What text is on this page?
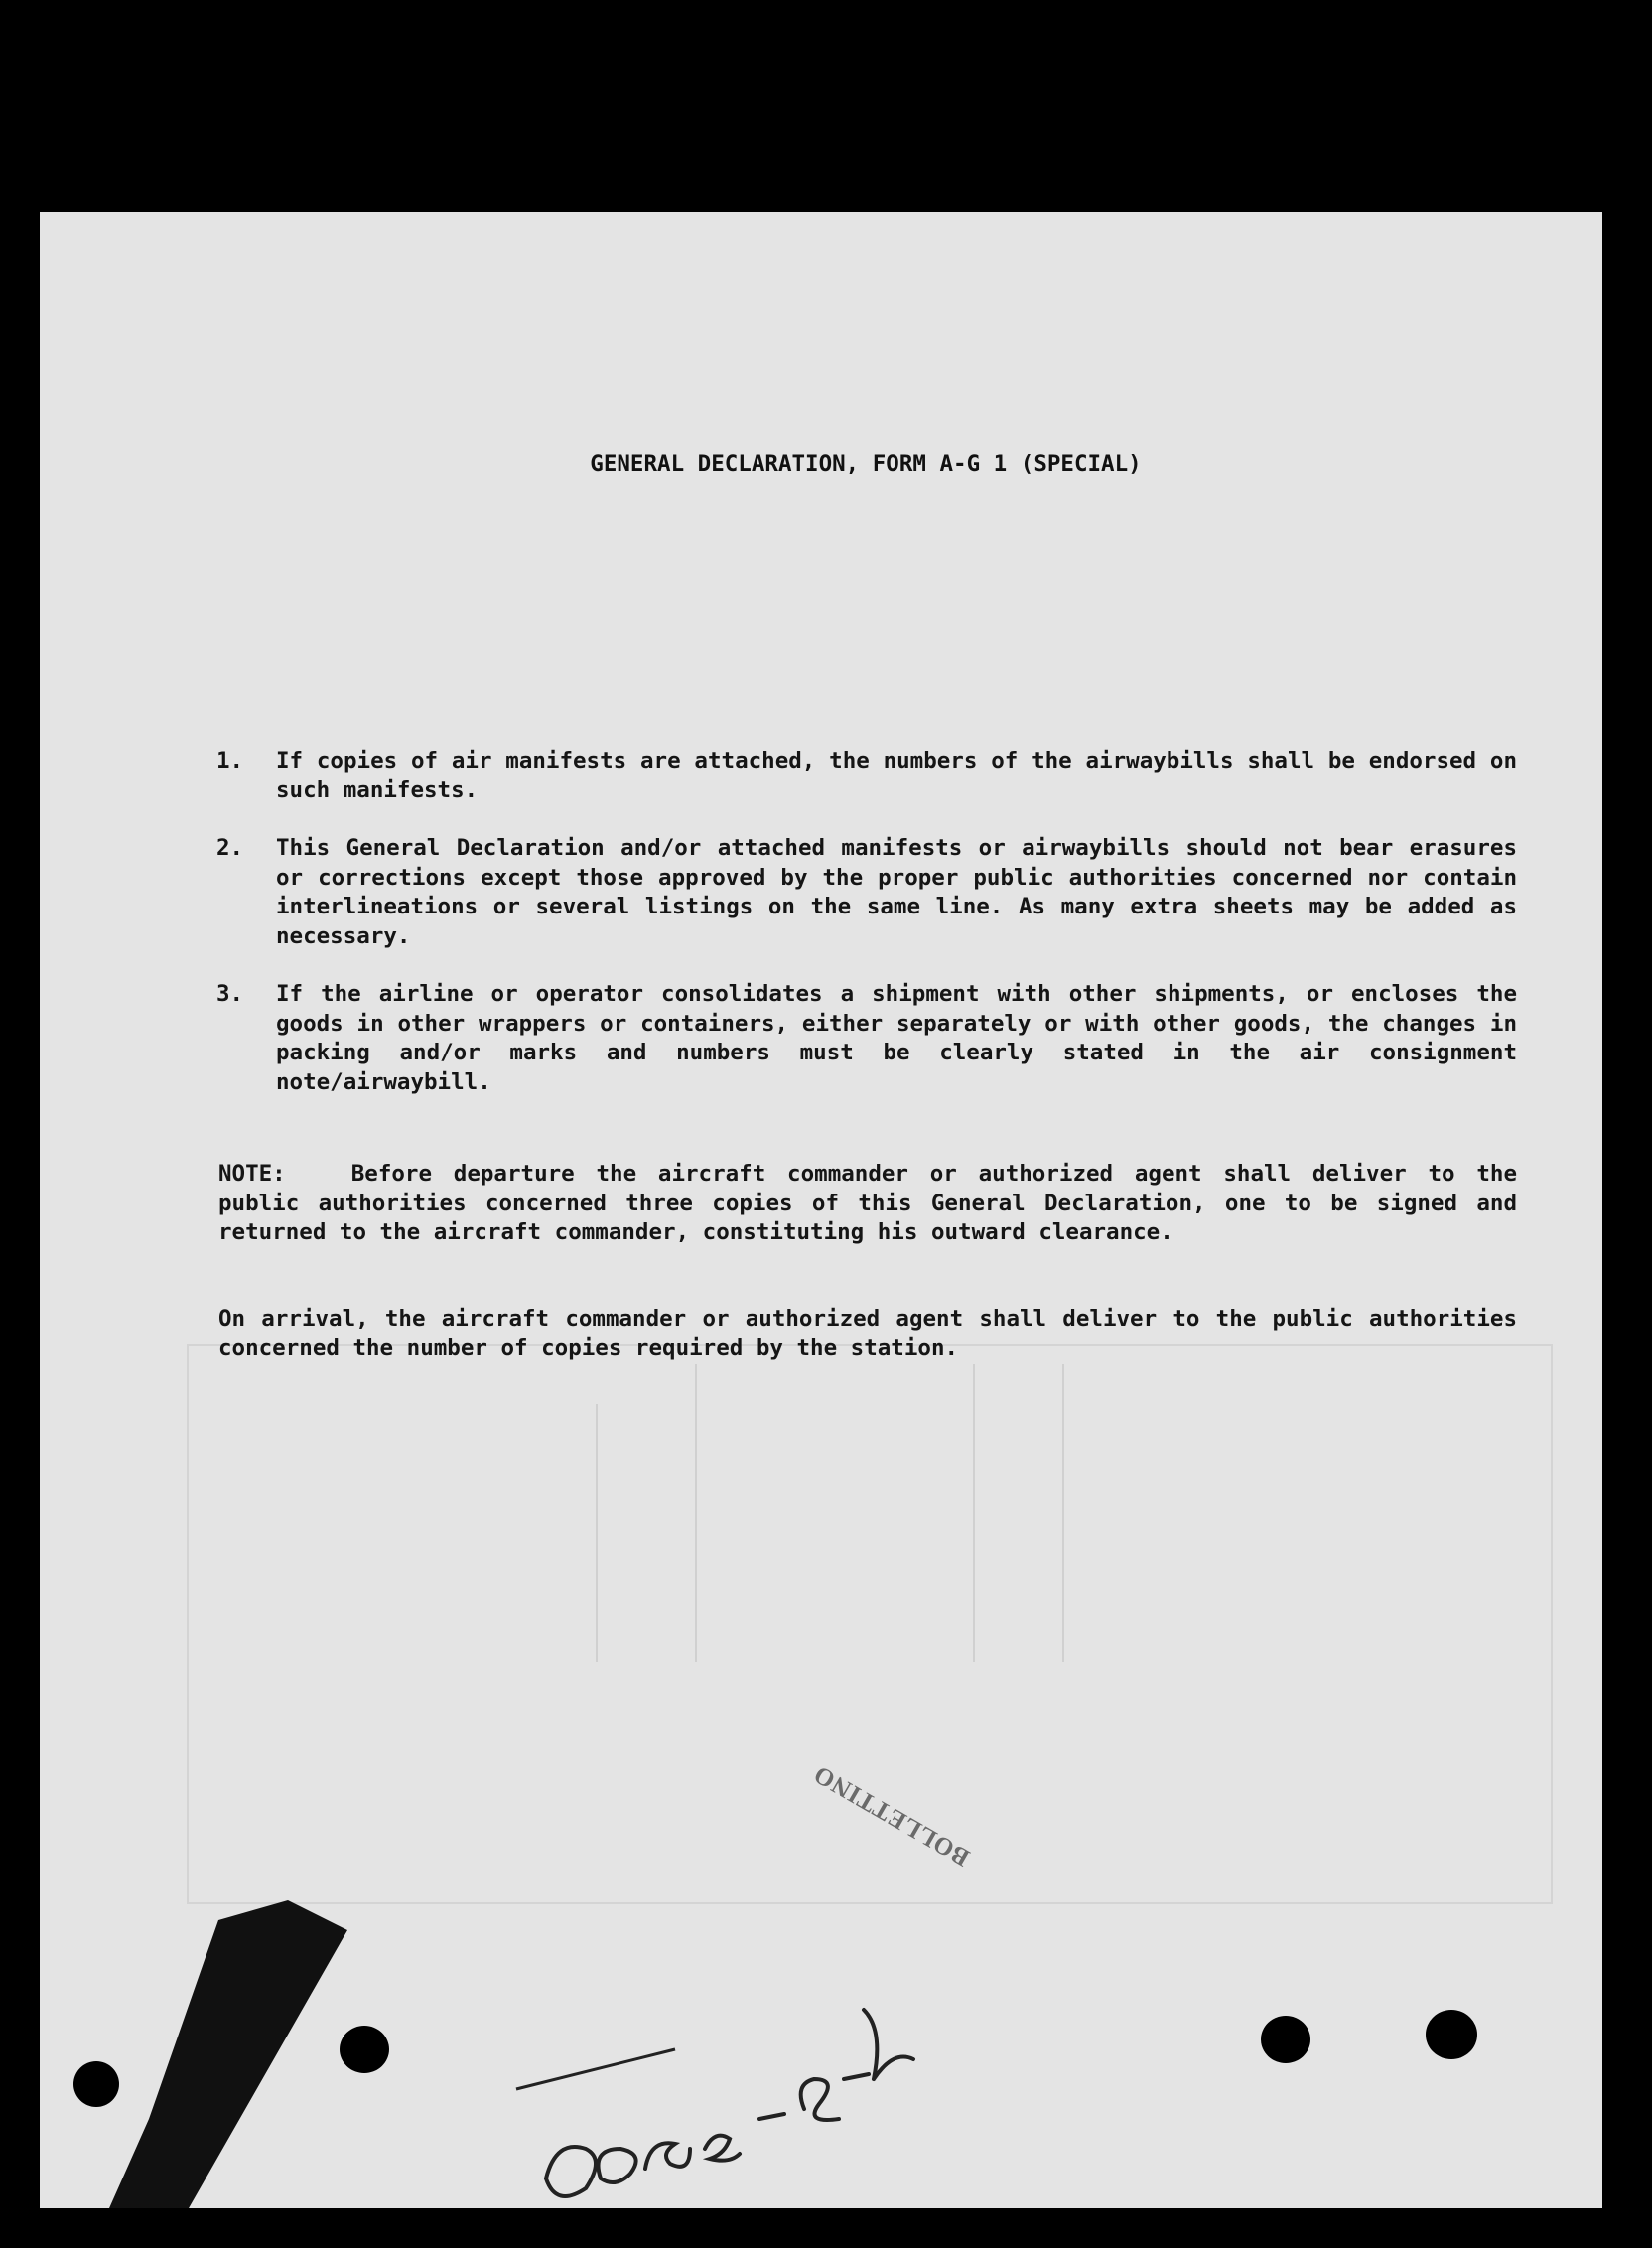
GENERAL DECLARATION, FORM A-G 1 (SPECIAL)
1.	If copies of air manifests are attached, the numbers of the airwaybills shall be endorsed on such manifests.
2.	This General Declaration and/or attached manifests or airwaybills should not bear erasures or corrections except those approved by the proper public authorities concerned nor contain interlineations or several listings on the same line. As many extra sheets may be added as necessary.
3.	If the airline or operator consolidates a shipment with other shipments, or encloses the goods in other wrappers or containers, either separately or with other goods, the changes in packing and/or marks and numbers must be clearly stated in the air consignment note/airwaybill.

NOTE:	Before departure the aircraft commander or authorized agent shall deliver to the public authorities concerned three copies of this General Declaration, one to be signed and returned to the aircraft commander, constituting his outward clearance.

On arrival, the aircraft commander or authorized agent shall deliver to the public authorities concerned the number of copies required by the station.

BOLLETTINO
